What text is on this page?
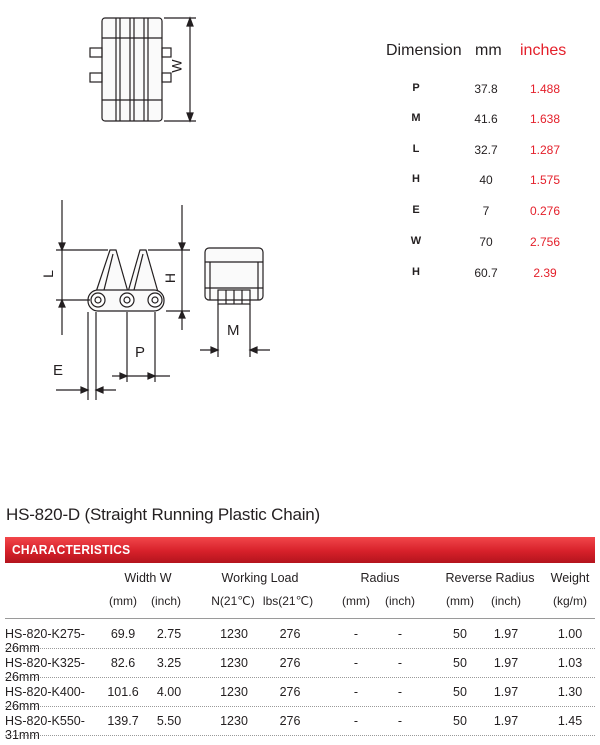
W
L	H
E
P
M
Dimension mm inches
P	37.8	1.488
M	41.6	1.638
L	32.7	1.287
H	40	1.575
E	7	0.276
W	70	2.756
H	60.7	2.39
HS-820-D (Straight Running Plastic Chain)
CHARACTERISTICS
Width W	Working Load	Radius	Reverse Radius	Weight
(mm)	(inch)	N(21℃) lbs(21℃)	(mm)	(inch)	(mm)	(inch)	(kg/m)
HS-820-K275-26mm
69.9	2.75	1230	276	-	-	50	1.97	1.00
HS-820-K325-26mm
82.6	3.25	1230	276	-	-	50	1.97	1.03
HS-820-K400-26mm
101.6	4.00	1230	276	-	-	50	1.97	1.30
HS-820-K550-31mm
139.7	5.50	1230	276	-	-	50	1.97	1.45
